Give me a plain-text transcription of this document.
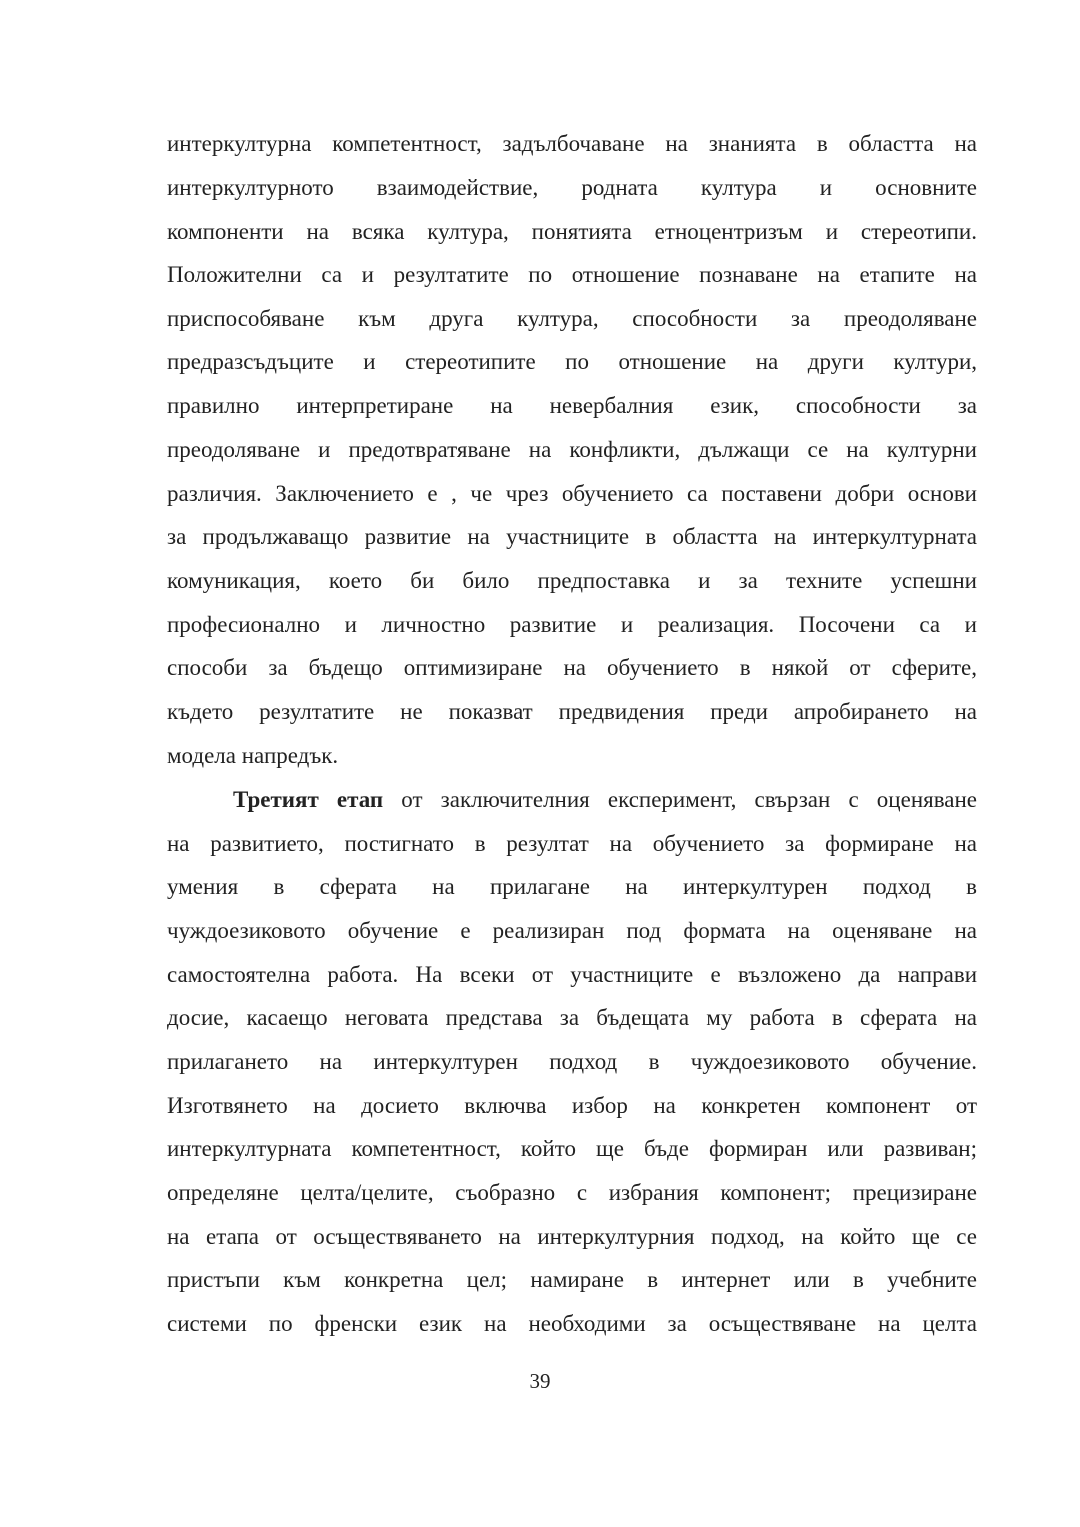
интеркултурна компетентност, задълбочаване на знанията в областта на
интеркултурното взаимодействие, родната култура и основните
компоненти на всяка култура, понятията етноцентризъм и стереотипи.
Положителни са и резултатите по отношение познаване на етапите на
приспособяване към друга култура, способности за преодоляване
предразсъдъците и стереотипите по отношение на други култури,
правилно интерпретиране на невербалния език, способности за
преодоляване и предотвратяване на конфликти, дължащи се на културни
различия. Заключението е , че чрез обучението са поставени добри основи
за продължаващо развитие на участниците в областта на интеркултурната
комуникация, което би било предпоставка и за техните успешни
професионално и личностно развитие и реализация. Посочени са и
способи за бъдещо оптимизиране на обучението в някой от сферите,
където резултатите не показват предвидения преди апробирането на
модела напредък.
Третият етап от заключителния експеримент, свързан с оценяване
на развитието, постигнато в резултат на обучението за формиране на
умения в сферата на прилагане на интеркултурен подход в
чуждоезиковото обучение е реализиран под формата на оценяване на
самостоятелна работа. На всеки от участниците е възложено да направи
досие, касаещо неговата представа за бъдещата му работа в сферата на
прилагането на интеркултурен подход в чуждоезиковото обучение.
Изготвянето на досието включва избор на конкретен компонент от
интеркултурната компетентност, който ще бъде формиран или развиван;
определяне целта/целите, съобразно с избрания компонент; прецизиране
на етапа от осъществяването на интеркултурния подход, на който ще се
пристъпи към конкретна цел; намиране в интернет или в учебните
системи по френски език на необходими за осъществяване на целта
39
